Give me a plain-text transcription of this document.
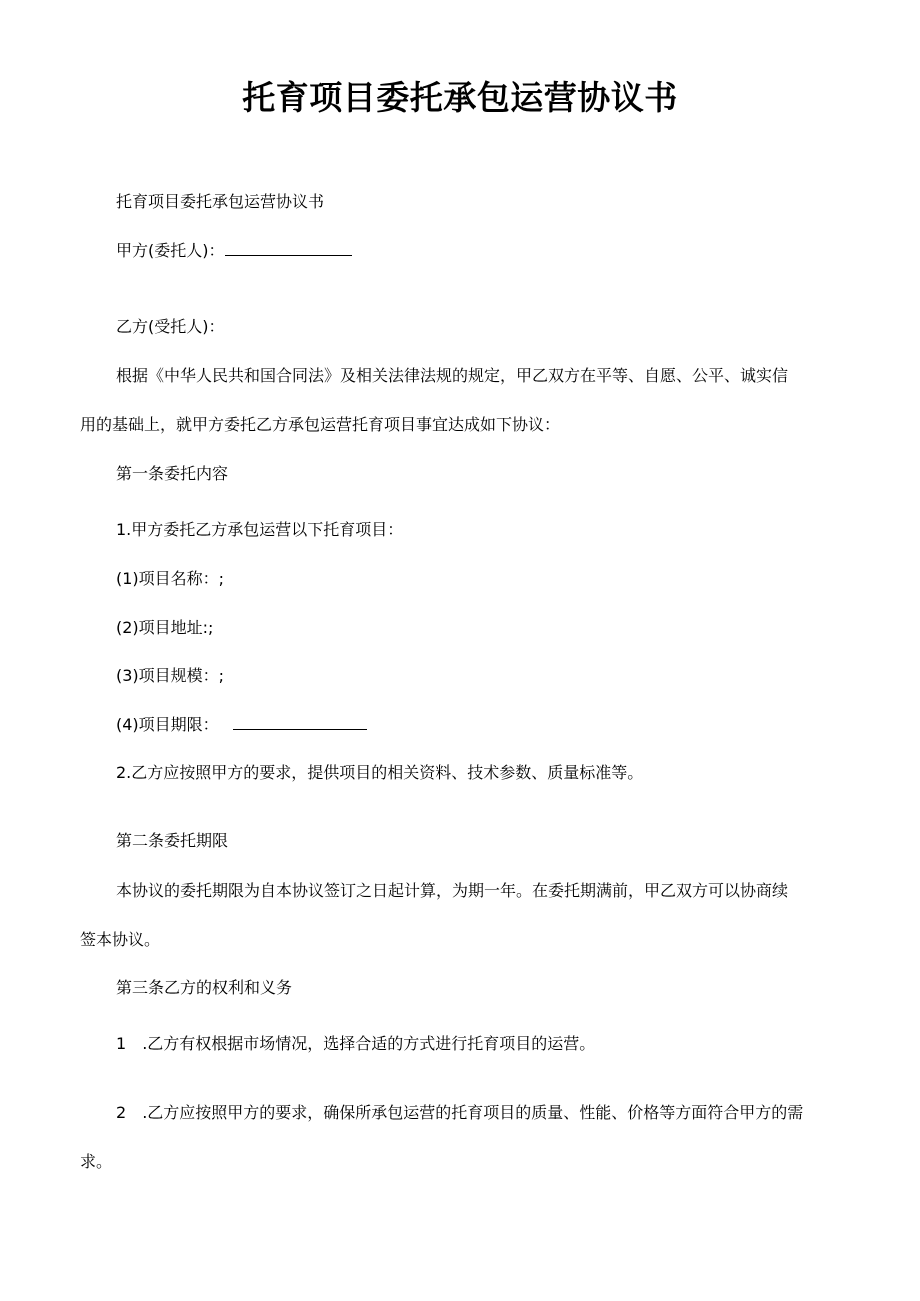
托育项目委托承包运营协议书
托育项目委托承包运营协议书
甲方(委托人)：
乙方(受托人)：
根据《中华人民共和国合同法》及相关法律法规的规定，甲乙双方在平等、自愿、公平、诚实信
用的基础上，就甲方委托乙方承包运营托育项目事宜达成如下协议：
第一条委托内容
1.甲方委托乙方承包运营以下托育项目：
(1)项目名称：;
(2)项目地址:;
(3)项目规模：;
(4)项目期限：
2.乙方应按照甲方的要求，提供项目的相关资料、技术参数、质量标准等。
第二条委托期限
本协议的委托期限为自本协议签订之日起计算，为期一年。在委托期满前，甲乙双方可以协商续
签本协议。
第三条乙方的权利和义务
1 .乙方有权根据市场情况，选择合适的方式进行托育项目的运营。
2 .乙方应按照甲方的要求，确保所承包运营的托育项目的质量、性能、价格等方面符合甲方的需
求。
